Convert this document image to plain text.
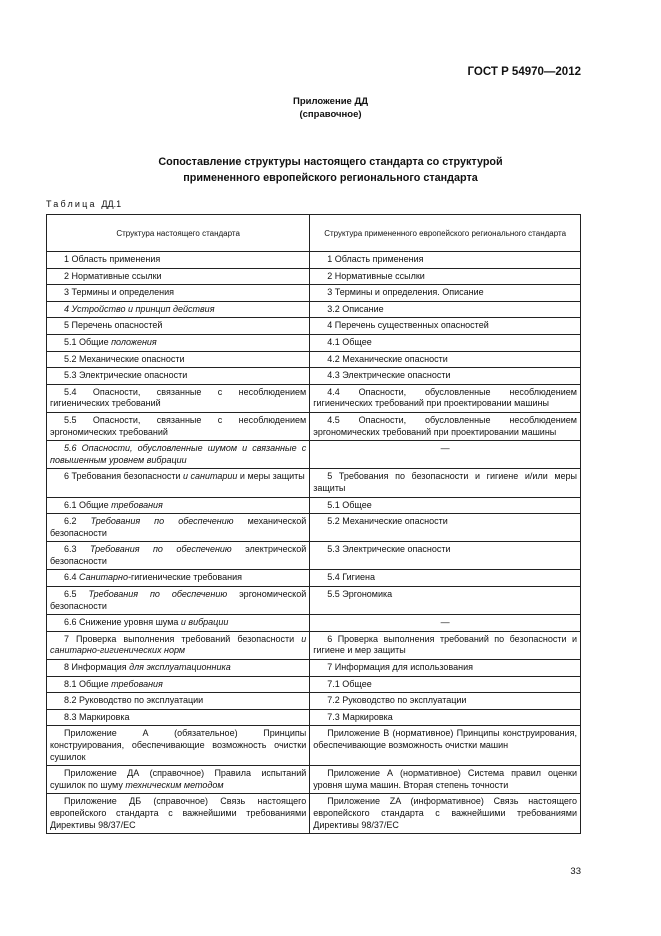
ГОСТ Р 54970—2012
Приложение ДД
(справочное)
Сопоставление структуры настоящего стандарта со структурой
примененного европейского регионального стандарта
Таблица ДД.1
Структура настоящего стандарта	Структура примененного европейского регионального стандарта
1 Область применения	1 Область применения
2 Нормативные ссылки	2 Нормативные ссылки
3 Термины и определения	3 Термины и определения. Описание
4 Устройство и принцип действия	3.2 Описание
5 Перечень опасностей	4 Перечень существенных опасностей
5.1 Общие положения	4.1 Общее
5.2 Механические опасности	4.2 Механические опасности
5.3 Электрические опасности	4.3 Электрические опасности
5.4 Опасности, связанные с несоблюдением гигиенических требований	4.4 Опасности, обусловленные несоблюдением гигиенических требований при проектировании машины
5.5 Опасности, связанные с несоблюдением эргономических требований	4.5 Опасности, обусловленные несоблюдением эргономических требований при проектировании машины
5.6 Опасности, обусловленные шумом и связанные с повышенным уровнем вибрации	—
6 Требования безопасности и санитарии и меры защиты	5 Требования по безопасности и гигиене и/или меры защиты
6.1 Общие требования	5.1 Общее
6.2 Требования по обеспечению механической безопасности	5.2 Механические опасности
6.3 Требования по обеспечению электрической безопасности	5.3 Электрические опасности
6.4 Санитарно-гигиенические требования	5.4 Гигиена
6.5 Требования по обеспечению эргономической безопасности	5.5 Эргономика
6.6 Снижение уровня шума и вибрации	—
7 Проверка выполнения требований безопасности и санитарно-гигиенических норм	6 Проверка выполнения требований по безопасности и гигиене и мер защиты
8 Информация для эксплуатационника	7 Информация для использования
8.1 Общие требования	7.1 Общее
8.2 Руководство по эксплуатации	7.2 Руководство по эксплуатации
8.3 Маркировка	7.3 Маркировка
Приложение А (обязательное) Принципы конструирования, обеспечивающие возможность очистки сушилок	Приложение В (нормативное) Принципы конструирования, обеспечивающие возможность очистки машин
Приложение ДА (справочное) Правила испытаний сушилок по шуму техническим методом	Приложение А (нормативное) Система правил оценки уровня шума машин. Вторая степень точности
Приложение ДБ (справочное) Связь настоящего европейского стандарта с важнейшими требованиями Директивы 98/37/ЕС	Приложение ZA (информативное) Связь настоящего европейского стандарта с важнейшими требованиями Директивы 98/37/ЕС
33
